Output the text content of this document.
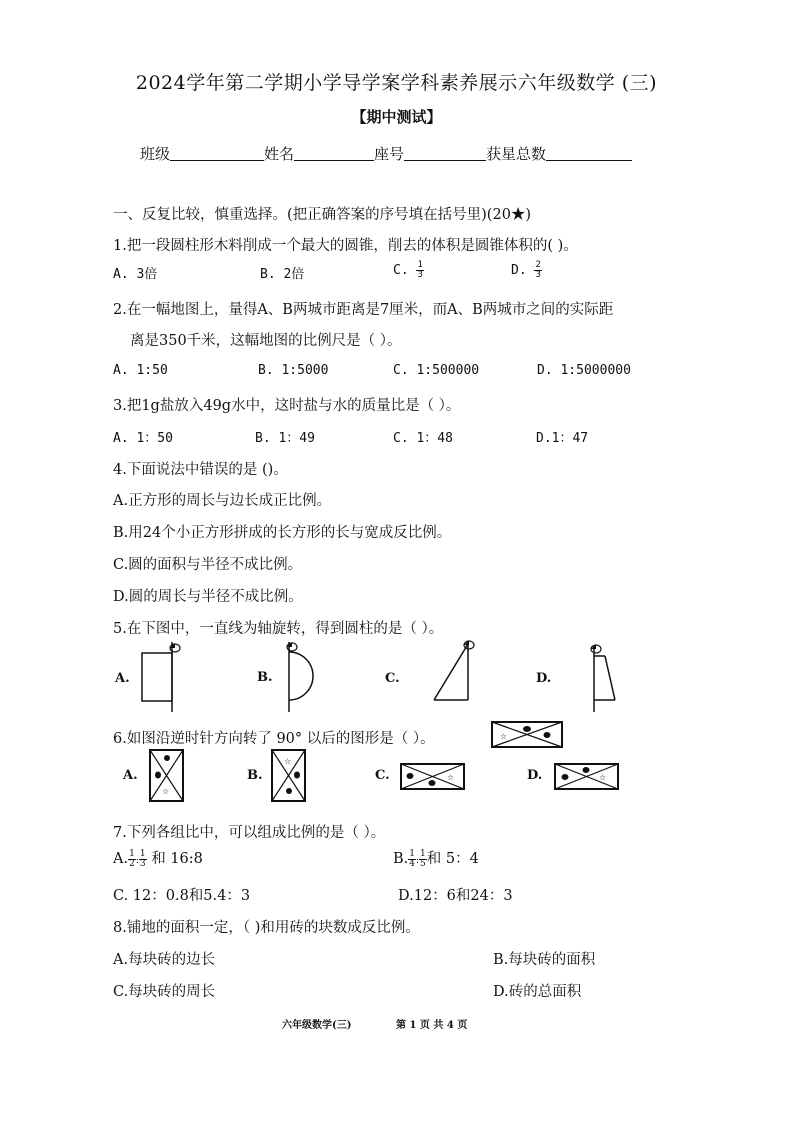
2024学年第二学期小学导学案学科素养展示六年级数学 (三)
【期中测试】
班级	姓名	座号	获星总数
一、反复比较，慎重选择。(把正确答案的序号填在括号里)(20★)
1.把一段圆柱形木料削成一个最大的圆锥，削去的体积是圆锥体积的( )。
A. 3倍	B. 2倍	C. $\frac{1}{3}$	D. $\frac{2}{3}$
2.在一幅地图上，量得A、B两城市距离是7厘米，而A、B两城市之间的实际距
离是350千米，这幅地图的比例尺是（ ）。
A. 1:50	B. 1:5000	C. 1:500000	D. 1:5000000
3.把1g盐放入49g水中，这时盐与水的质量比是（ ）。
A. 1：50	B. 1：49	C. 1：48	D.1：47
4.下面说法中错误的是 ()。
A.正方形的周长与边长成正比例。
B.用24个小正方形拼成的长方形的长与宽成反比例。
C.圆的面积与半径不成比例。
D.圆的周长与半径不成比例。
5.在下图中，一直线为轴旋转，得到圆柱的是（ ）。
A.	B.	C.	D.
6.如图沿逆时针方向转了 90° 以后的图形是（ ）。	☆
A.	B.	C.	D.
☆
☆
☆	☆
7.下列各组比中，可以组成比例的是（ ）。
A. $\frac{1}{2}$ : $\frac{1}{3}$ 和 16:8	B. $\frac{1}{4}$ : $\frac{1}{5}$ 和 5：4
C. 12：0.8和5.4：3	D.12：6和24：3
8.铺地的面积一定，（ )和用砖的块数成反比例。
A.每块砖的边长	B.每块砖的面积
C.每块砖的周长	D.砖的总面积
六年级数学(三)	第 1 页 共 4 页
